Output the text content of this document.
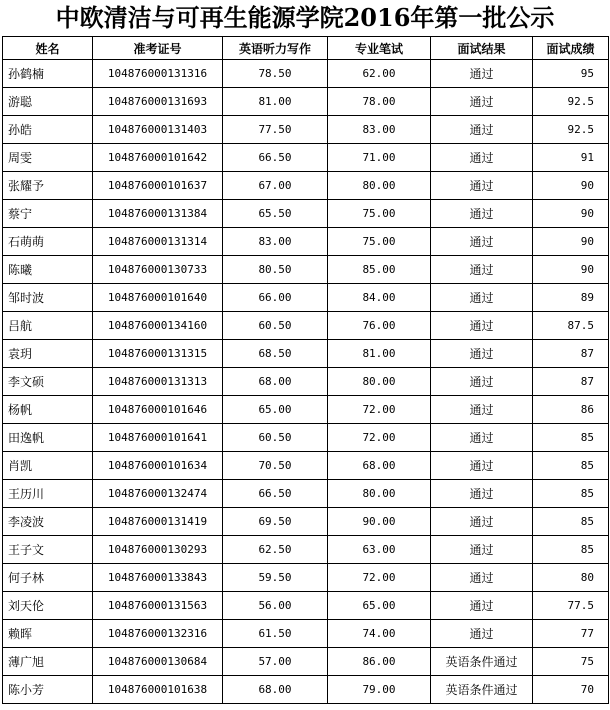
中欧清洁与可再生能源学院2016年第一批公示
姓名	准考证号	英语听力写作	专业笔试	面试结果	面试成绩
孙鹤楠	104876000131316	78.50	62.00	通过	95
游聪	104876000131693	81.00	78.00	通过	92.5
孙皓	104876000131403	77.50	83.00	通过	92.5
周雯	104876000101642	66.50	71.00	通过	91
张耀予	104876000101637	67.00	80.00	通过	90
蔡宁	104876000131384	65.50	75.00	通过	90
石萌萌	104876000131314	83.00	75.00	通过	90
陈曦	104876000130733	80.50	85.00	通过	90
邹时波	104876000101640	66.00	84.00	通过	89
吕航	104876000134160	60.50	76.00	通过	87.5
袁玥	104876000131315	68.50	81.00	通过	87
李文硕	104876000131313	68.00	80.00	通过	87
杨帆	104876000101646	65.00	72.00	通过	86
田逸帆	104876000101641	60.50	72.00	通过	85
肖凯	104876000101634	70.50	68.00	通过	85
王历川	104876000132474	66.50	80.00	通过	85
李凌波	104876000131419	69.50	90.00	通过	85
王子文	104876000130293	62.50	63.00	通过	85
何子林	104876000133843	59.50	72.00	通过	80
刘天伦	104876000131563	56.00	65.00	通过	77.5
赖晖	104876000132316	61.50	74.00	通过	77
薄广旭	104876000130684	57.00	86.00	英语条件通过	75
陈小芳	104876000101638	68.00	79.00	英语条件通过	70
